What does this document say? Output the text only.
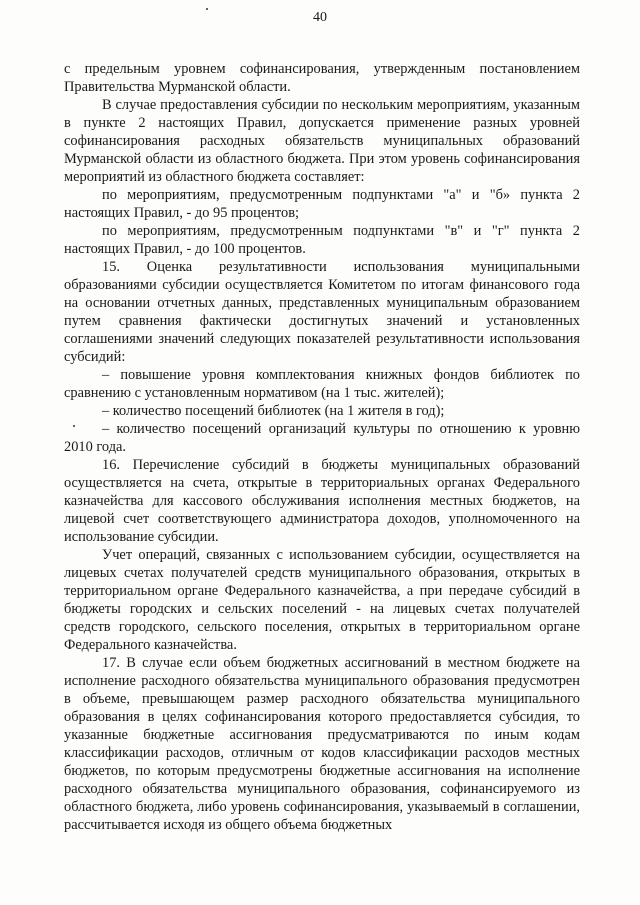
40

с предельным уровнем софинансирования, утвержденным постановлением Правительства Мурманской области.

В случае предоставления субсидии по нескольким мероприятиям, указанным в пункте 2 настоящих Правил, допускается применение разных уровней софинансирования расходных обязательств муниципальных образований Мурманской области из областного бюджета. При этом уровень софинансирования мероприятий из областного бюджета составляет:

по мероприятиям, предусмотренным подпунктами "а" и "б» пункта 2 настоящих Правил, - до 95 процентов;

по мероприятиям, предусмотренным подпунктами "в" и "г" пункта 2 настоящих Правил, - до 100 процентов.

15. Оценка результативности использования муниципальными образованиями субсидии осуществляется Комитетом по итогам финансового года на основании отчетных данных, представленных муниципальным образованием путем сравнения фактически достигнутых значений и установленных соглашениями значений следующих показателей результативности использования субсидий:

– повышение уровня комплектования книжных фондов библиотек по сравнению с установленным нормативом (на 1 тыс. жителей);

– количество посещений библиотек (на 1 жителя в год);

– количество посещений организаций культуры по отношению к уровню 2010 года.

16. Перечисление субсидий в бюджеты муниципальных образований осуществляется на счета, открытые в территориальных органах Федерального казначейства для кассового обслуживания исполнения местных бюджетов, на лицевой счет соответствующего администратора доходов, уполномоченного на использование субсидии.

Учет операций, связанных с использованием субсидии, осуществляется на лицевых счетах получателей средств муниципального образования, открытых в территориальном органе Федерального казначейства, а при передаче субсидий в бюджеты городских и сельских поселений - на лицевых счетах получателей средств городского, сельского поселения, открытых в территориальном органе Федерального казначейства.

17. В случае если объем бюджетных ассигнований в местном бюджете на исполнение расходного обязательства муниципального образования предусмотрен в объеме, превышающем размер расходного обязательства муниципального образования в целях софинансирования которого предоставляется субсидия, то указанные бюджетные ассигнования предусматриваются по иным кодам классификации расходов, отличным от кодов классификации расходов местных бюджетов, по которым предусмотрены бюджетные ассигнования на исполнение расходного обязательства муниципального образования, софинансируемого из областного бюджета, либо уровень софинансирования, указываемый в соглашении, рассчитывается исходя из общего объема бюджетных
